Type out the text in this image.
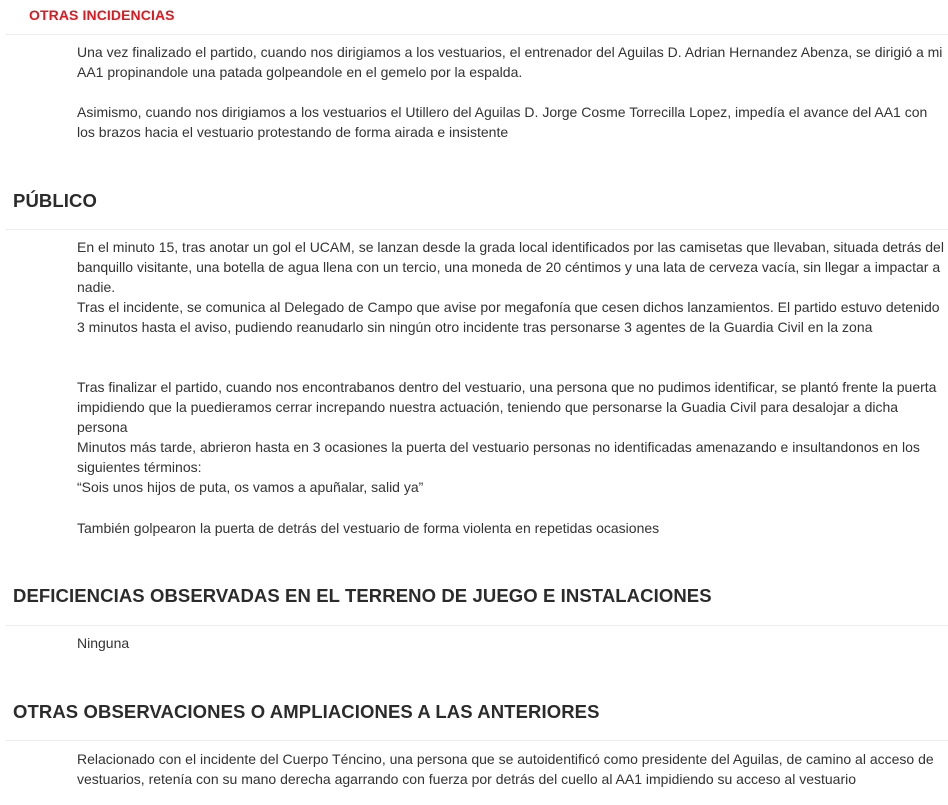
OTRAS INCIDENCIAS

Una vez finalizado el partido, cuando nos dirigiamos a los vestuarios, el entrenador del Aguilas D. Adrian Hernandez Abenza, se dirigió a mi AA1 propinandole una patada golpeandole en el gemelo por la espalda.

Asimismo, cuando nos dirigiamos a los vestuarios el Utillero del Aguilas D. Jorge Cosme Torrecilla Lopez, impedía el avance del AA1 con los brazos hacia el vestuario protestando de forma airada e insistente

PÚBLICO

En el minuto 15, tras anotar un gol el UCAM, se lanzan desde la grada local identificados por las camisetas que llevaban, situada detrás del banquillo visitante, una botella de agua llena con un tercio, una moneda de 20 céntimos y una lata de cerveza vacía, sin llegar a impactar a nadie.
Tras el incidente, se comunica al Delegado de Campo que avise por megafonía que cesen dichos lanzamientos. El partido estuvo detenido 3 minutos hasta el aviso, pudiendo reanudarlo sin ningún otro incidente tras personarse 3 agentes de la Guardia Civil en la zona

Tras finalizar el partido, cuando nos encontrabanos dentro del vestuario, una persona que no pudimos identificar, se plantó frente la puerta impidiendo que la puedieramos cerrar increpando nuestra actuación, teniendo que personarse la Guadia Civil para desalojar a dicha persona
Minutos más tarde, abrieron hasta en 3 ocasiones la puerta del vestuario personas no identificadas amenazando e insultandonos en los siguientes términos:
“Sois unos hijos de puta, os vamos a apuñalar, salid ya”

También golpearon la puerta de detrás del vestuario de forma violenta en repetidas ocasiones

DEFICIENCIAS OBSERVADAS EN EL TERRENO DE JUEGO E INSTALACIONES

Ninguna

OTRAS OBSERVACIONES O AMPLIACIONES A LAS ANTERIORES

Relacionado con el incidente del Cuerpo Téncino, una persona que se autoidentificó como presidente del Aguilas, de camino al acceso de vestuarios, retenía con su mano derecha agarrando con fuerza por detrás del cuello al AA1 impidiendo su acceso al vestuario
